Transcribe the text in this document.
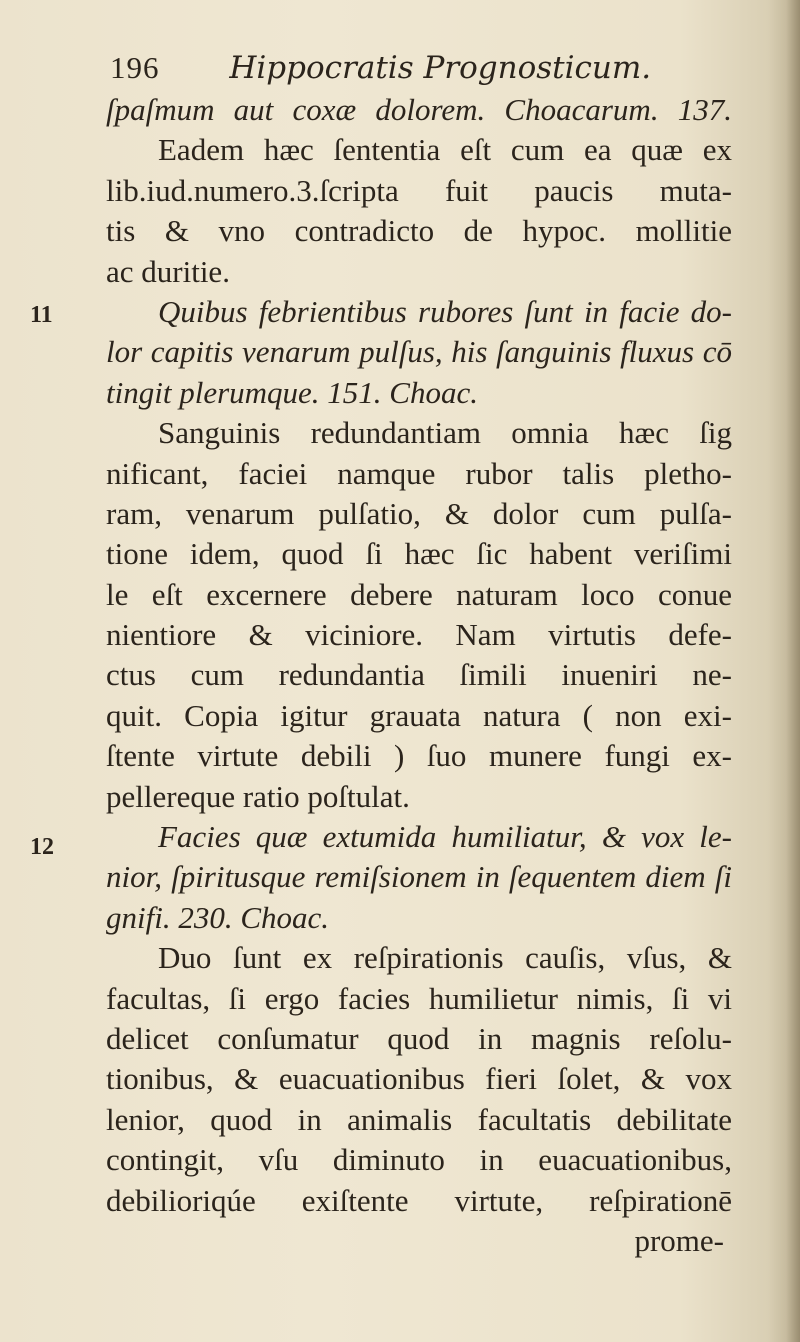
196 Hippocratis Prognosticum.
11
12
ſpaſmum aut coxæ dolorem. Choacarum. 137.
Eadem hæc ſententia eſt cum ea quæ ex
lib.iud.numero.3.ſcripta fuit paucis muta-
tis & vno contradicto de hypoc. mollitie
ac duritie.
Quibus febrientibus rubores ſunt in facie do-
lor capitis venarum pulſus, his ſanguinis fluxus cō
tingit plerumque. 151. Choac.
Sanguinis redundantiam omnia hæc ſig
nificant, faciei namque rubor talis pletho-
ram, venarum pulſatio, & dolor cum pulſa-
tione idem, quod ſi hæc ſic habent veriſimi
le eſt excernere debere naturam loco conue
nientiore & viciniore. Nam virtutis defe-
ctus cum redundantia ſimili inueniri ne-
quit. Copia igitur grauata natura ( non exi-
ſtente virtute debili ) ſuo munere fungi ex-
pellereque ratio poſtulat.
Facies quæ extumida humiliatur, & vox le-
nior, ſpiritusque remiſsionem in ſequentem diem ſi
gnifi. 230. Choac.
Duo ſunt ex reſpirationis cauſis, vſus, &
facultas, ſi ergo facies humilietur nimis, ſi vi
delicet conſumatur quod in magnis reſolu-
tionibus, & euacuationibus fieri ſolet, & vox
lenior, quod in animalis facultatis debilitate
contingit, vſu diminuto in euacuationibus,
debilioriqúe exiſtente virtute, reſpirationē
prome-
